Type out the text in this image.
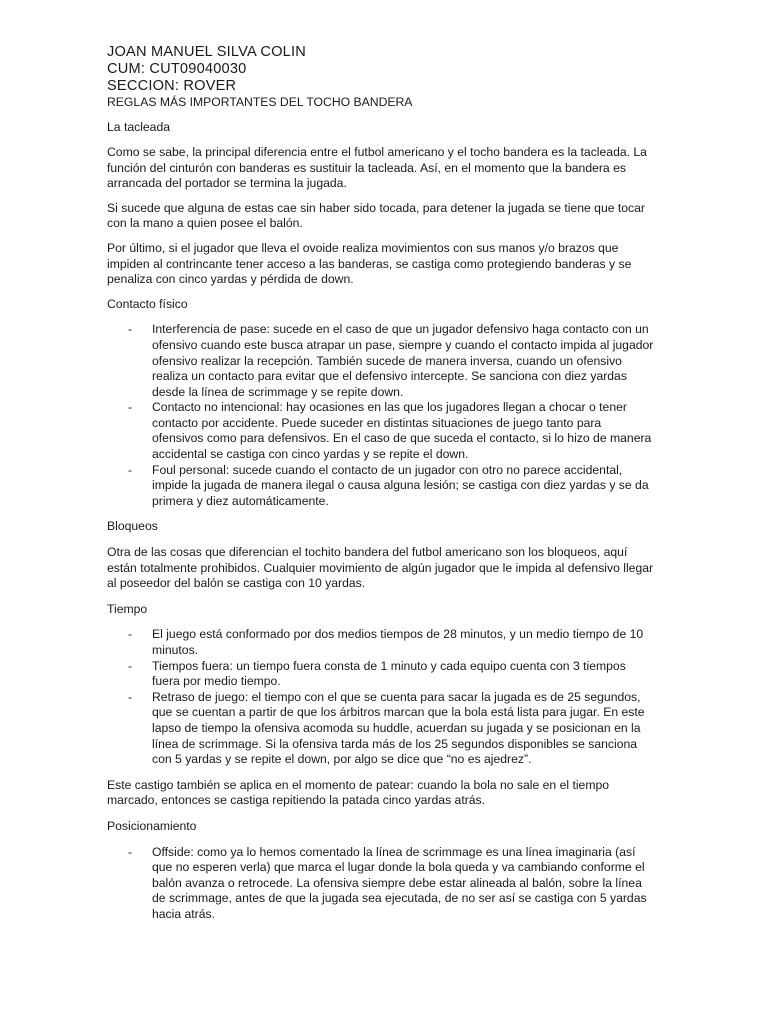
JOAN MANUEL SILVA COLIN
CUM: CUT09040030
SECCION: ROVER
REGLAS MÁS IMPORTANTES DEL TOCHO BANDERA
La tacleada

Como se sabe, la principal diferencia entre el futbol americano y el tocho bandera es la tacleada. La función del cinturón con banderas es sustituir la tacleada. Así, en el momento que la bandera es arrancada del portador se termina la jugada.

Si sucede que alguna de estas cae sin haber sido tocada, para detener la jugada se tiene que tocar con la mano a quien posee el balón.

Por último, si el jugador que lleva el ovoide realiza movimientos con sus manos y/o brazos que impiden al contrincante tener acceso a las banderas, se castiga como protegiendo banderas y se penaliza con cinco yardas y pérdida de down.

Contacto físico
- Interferencia de pase: sucede en el caso de que un jugador defensivo haga contacto con un ofensivo cuando este busca atrapar un pase, siempre y cuando el contacto impida al jugador ofensivo realizar la recepción. También sucede de manera inversa, cuando un ofensivo realiza un contacto para evitar que el defensivo intercepte. Se sanciona con diez yardas desde la línea de scrimmage y se repite down.
- Contacto no intencional: hay ocasiones en las que los jugadores llegan a chocar o tener contacto por accidente. Puede suceder en distintas situaciones de juego tanto para ofensivos como para defensivos. En el caso de que suceda el contacto, si lo hizo de manera accidental se castiga con cinco yardas y se repite el down.
- Foul personal: sucede cuando el contacto de un jugador con otro no parece accidental, impide la jugada de manera ilegal o causa alguna lesión; se castiga con diez yardas y se da primera y diez automáticamente.
Bloqueos

Otra de las cosas que diferencian el tochito bandera del futbol americano son los bloqueos, aquí están totalmente prohibidos. Cualquier movimiento de algún jugador que le impida al defensivo llegar al poseedor del balón se castiga con 10 yardas.

Tiempo
- El juego está conformado por dos medios tiempos de 28 minutos, y un medio tiempo de 10 minutos.
- Tiempos fuera: un tiempo fuera consta de 1 minuto y cada equipo cuenta con 3 tiempos fuera por medio tiempo.
- Retraso de juego: el tiempo con el que se cuenta para sacar la jugada es de 25 segundos, que se cuentan a partir de que los árbitros marcan que la bola está lista para jugar. En este lapso de tiempo la ofensiva acomoda su huddle, acuerdan su jugada y se posicionan en la línea de scrimmage. Si la ofensiva tarda más de los 25 segundos disponibles se sanciona con 5 yardas y se repite el down, por algo se dice que “no es ajedrez”.

Este castigo también se aplica en el momento de patear: cuando la bola no sale en el tiempo marcado, entonces se castiga repitiendo la patada cinco yardas atrás.

Posicionamiento
- Offside: como ya lo hemos comentado la línea de scrimmage es una línea imaginaria (así que no esperen verla) que marca el lugar donde la bola queda y va cambiando conforme el balón avanza o retrocede. La ofensiva siempre debe estar alineada al balón, sobre la línea de scrimmage, antes de que la jugada sea ejecutada, de no ser así se castiga con 5 yardas hacia atrás.
